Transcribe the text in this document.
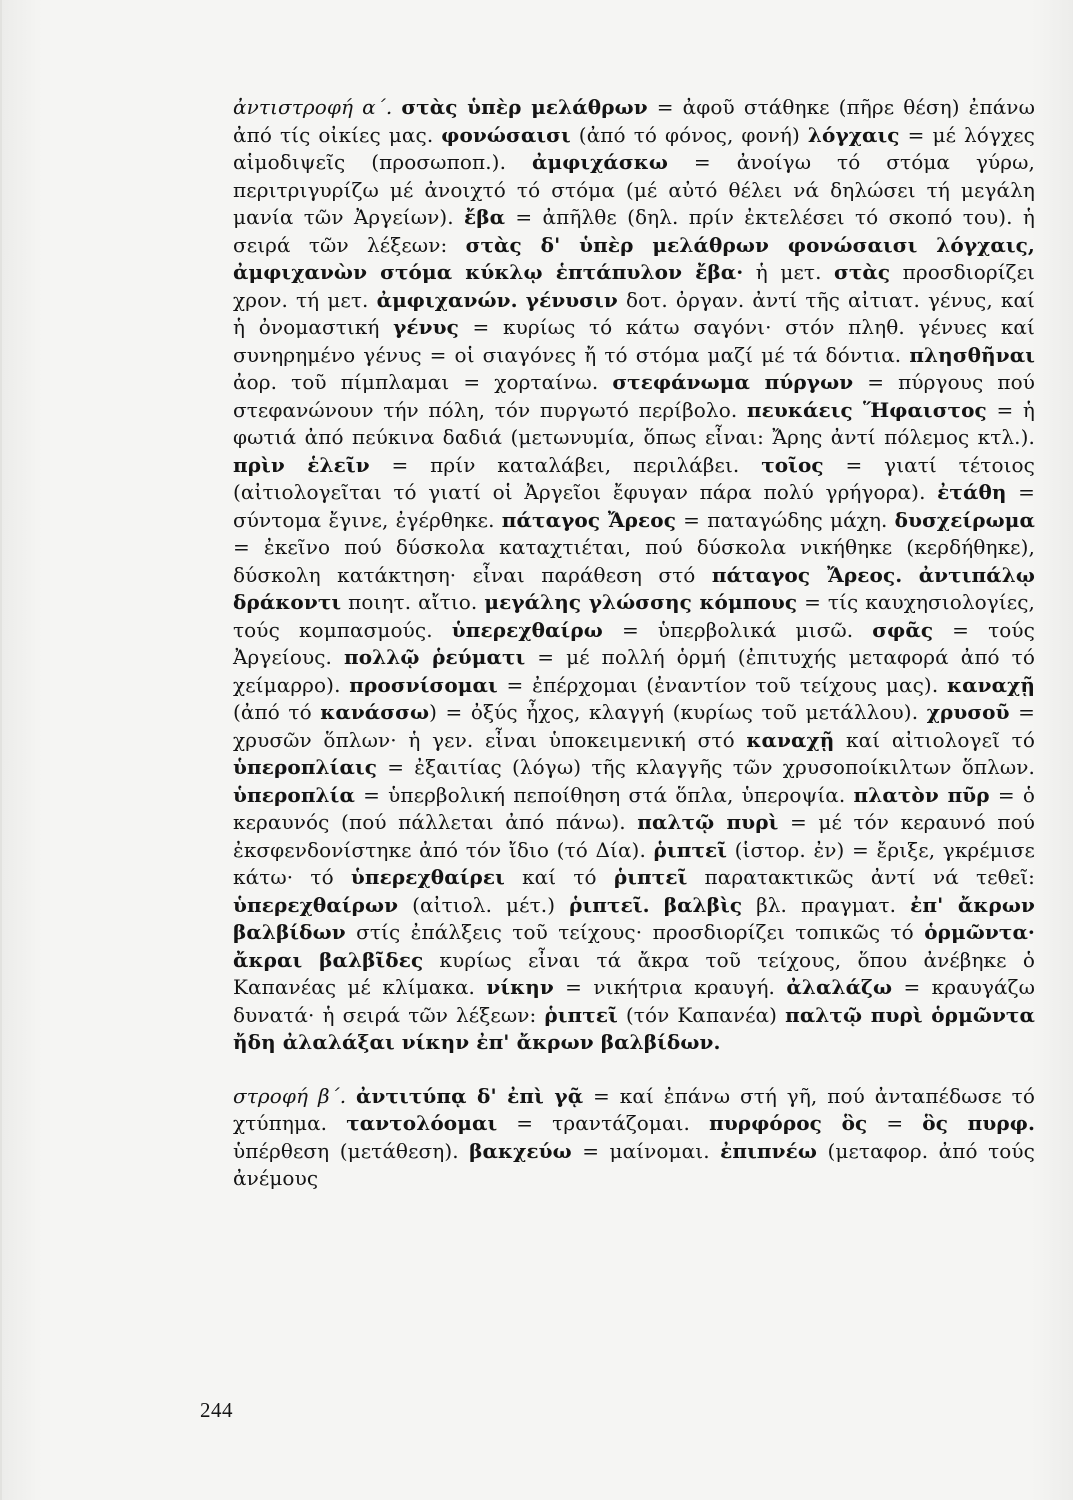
ἀντιστροφή α΄. στὰς ὑπὲρ μελάθρων = ἀφοῦ στάθηκε (πῆρε θέση) ἐπάνω ἀπό τίς οἰκίες μας. φονώσαισι (ἀπό τό φόνος, φονή) λόγχαις = μέ λόγχες αἱμοδιψεῖς (προσωποπ.). ἀμφιχάσκω = ἀνοίγω τό στόμα γύρω, περιτριγυρίζω μέ ἀνοιχτό τό στόμα (μέ αὐτό θέλει νά δηλώσει τή μεγάλη μανία τῶν Ἀργείων). ἔβα = ἀπῆλθε (δηλ. πρίν ἐκτελέσει τό σκοπό του). ἡ σειρά τῶν λέξεων: στὰς δ' ὑπὲρ μελάθρων φονώσαισι λόγχαις, ἀμφιχανὼν στόμα κύκλῳ ἑπτάπυλον ἔβα· ἡ μετ. στὰς προσδιορίζει χρον. τή μετ. ἀμφιχανών. γένυσιν δοτ. ὀργαν. ἀντί τῆς αἰτιατ. γένυς, καί ἡ ὀνομαστική γένυς = κυρίως τό κάτω σαγόνι· στόν πληθ. γένυες καί συνηρημένο γένυς = οἱ σιαγόνες ἤ τό στόμα μαζί μέ τά δόντια. πλησθῆναι ἀορ. τοῦ πίμπλαμαι = χορταίνω. στεφάνωμα πύργων = πύργους πού στεφανώνουν τήν πόλη, τόν πυργωτό περίβολο. πευκάεις Ἥφαιστος = ἡ φωτιά ἀπό πεύκινα δαδιά (μετωνυμία, ὅπως εἶναι: Ἄρης ἀντί πόλεμος κτλ.). πρὶν ἑλεῖν = πρίν καταλάβει, περιλάβει. τοῖος = γιατί τέτοιος (αἰτιολογεῖται τό γιατί οἱ Ἀργεῖοι ἔφυγαν πάρα πολύ γρήγορα). ἐτάθη = σύντομα ἔγινε, ἐγέρθηκε. πάταγος Ἄρεος = παταγώδης μάχη. δυσχείρωμα = ἐκεῖνο πού δύσκολα καταχτιέται, πού δύσκολα νικήθηκε (κερδήθηκε), δύσκολη κατάκτηση· εἶναι παράθεση στό πάταγος Ἄρεος. ἀντιπάλῳ δράκοντι ποιητ. αἴτιο. μεγάλης γλώσσης κόμπους = τίς καυχησιολογίες, τούς κομπασμούς. ὑπερεχθαίρω = ὑπερβολικά μισῶ. σφᾶς = τούς Ἀργείους. πολλῷ ῥεύματι = μέ πολλή ὁρμή (ἐπιτυχής μεταφορά ἀπό τό χείμαρρο). προσνίσομαι = ἐπέρχομαι (ἐναντίον τοῦ τείχους μας). καναχῇ (ἀπό τό κανάσσω) = ὀξύς ἦχος, κλαγγή (κυρίως τοῦ μετάλλου). χρυσοῦ = χρυσῶν ὅπλων· ἡ γεν. εἶναι ὑποκειμενική στό καναχῇ καί αἰτιολογεῖ τό ὑπεροπλίαις = ἐξαιτίας (λόγω) τῆς κλαγγῆς τῶν χρυσοποίκιλτων ὅπλων. ὑπεροπλία = ὑπερβολική πεποίθηση στά ὅπλα, ὑπεροψία. πλατὸν πῦρ = ὁ κεραυνός (πού πάλλεται ἀπό πάνω). παλτῷ πυρὶ = μέ τόν κεραυνό πού ἐκσφενδονίστηκε ἀπό τόν ἴδιο (τό Δία). ῥιπτεῖ (ἱστορ. ἐν) = ἔριξε, γκρέμισε κάτω· τό ὑπερεχθαίρει καί τό ῥιπτεῖ παρατακτικῶς ἀντί νά τεθεῖ: ὑπερεχθαίρων (αἰτιολ. μέτ.) ῥιπτεῖ. βαλβὶς βλ. πραγματ. ἐπ' ἄκρων βαλβίδων στίς ἐπάλξεις τοῦ τείχους· προσδιορίζει τοπικῶς τό ὁρμῶντα· ἄκραι βαλβῖδες κυρίως εἶναι τά ἄκρα τοῦ τείχους, ὅπου ἀνέβηκε ὁ Καπανέας μέ κλίμακα. νίκην = νικήτρια κραυγή. ἀλαλάζω = κραυγάζω δυνατά· ἡ σειρά τῶν λέξεων: ῥιπτεῖ (τόν Καπανέα) παλτῷ πυρὶ ὁρμῶντα ἤδη ἀλαλάξαι νίκην ἐπ' ἄκρων βαλβίδων.

στροφή β΄. ἀντιτύπᾳ δ' ἐπὶ γᾷ = καί ἐπάνω στή γῆ, πού ἀνταπέδωσε τό χτύπημα. ταντολόομαι = τραντάζομαι. πυρφόρος ὃς = ὃς πυρφ. ὑπέρθεση (μετάθεση). βακχεύω = μαίνομαι. ἐπιπνέω (μεταφορ. ἀπό τούς ἀνέμους

244
